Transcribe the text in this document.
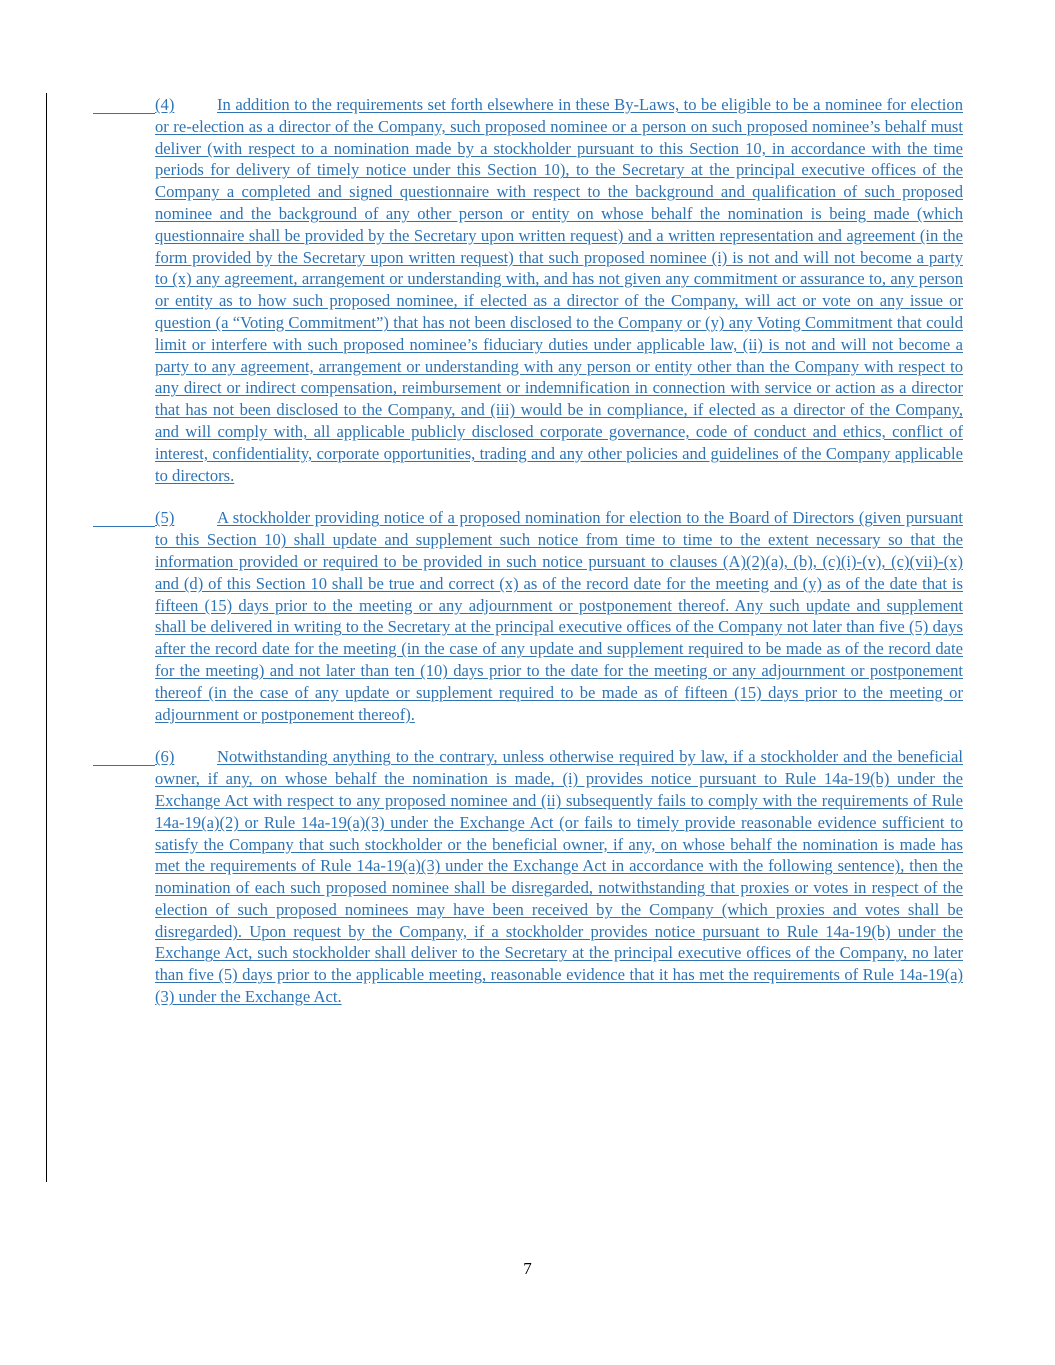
(4)	In addition to the requirements set forth elsewhere in these By-Laws, to be eligible to be a nominee for election or re-election as a director of the Company, such proposed nominee or a person on such proposed nominee’s behalf must deliver (with respect to a nomination made by a stockholder pursuant to this Section 10, in accordance with the time periods for delivery of timely notice under this Section 10), to the Secretary at the principal executive offices of the Company a completed and signed questionnaire with respect to the background and qualification of such proposed nominee and the background of any other person or entity on whose behalf the nomination is being made (which questionnaire shall be provided by the Secretary upon written request) and a written representation and agreement (in the form provided by the Secretary upon written request) that such proposed nominee (i) is not and will not become a party to (x) any agreement, arrangement or understanding with, and has not given any commitment or assurance to, any person or entity as to how such proposed nominee, if elected as a director of the Company, will act or vote on any issue or question (a “Voting Commitment”) that has not been disclosed to the Company or (y) any Voting Commitment that could limit or interfere with such proposed nominee’s fiduciary duties under applicable law, (ii) is not and will not become a party to any agreement, arrangement or understanding with any person or entity other than the Company with respect to any direct or indirect compensation, reimbursement or indemnification in connection with service or action as a director that has not been disclosed to the Company, and (iii) would be in compliance, if elected as a director of the Company, and will comply with, all applicable publicly disclosed corporate governance, code of conduct and ethics, conflict of interest, confidentiality, corporate opportunities, trading and any other policies and guidelines of the Company applicable to directors.

(5)	A stockholder providing notice of a proposed nomination for election to the Board of Directors (given pursuant to this Section 10) shall update and supplement such notice from time to time to the extent necessary so that the information provided or required to be provided in such notice pursuant to clauses (A)(2)(a), (b), (c)(i)-(v), (c)(vii)-(x) and (d) of this Section 10 shall be true and correct (x) as of the record date for the meeting and (y) as of the date that is fifteen (15) days prior to the meeting or any adjournment or postponement thereof. Any such update and supplement shall be delivered in writing to the Secretary at the principal executive offices of the Company not later than five (5) days after the record date for the meeting (in the case of any update and supplement required to be made as of the record date for the meeting) and not later than ten (10) days prior to the date for the meeting or any adjournment or postponement thereof (in the case of any update or supplement required to be made as of fifteen (15) days prior to the meeting or adjournment or postponement thereof).

(6)	Notwithstanding anything to the contrary, unless otherwise required by law, if a stockholder and the beneficial owner, if any, on whose behalf the nomination is made, (i) provides notice pursuant to Rule 14a-19(b) under the Exchange Act with respect to any proposed nominee and (ii) subsequently fails to comply with the requirements of Rule 14a-19(a)(2) or Rule 14a-19(a)(3) under the Exchange Act (or fails to timely provide reasonable evidence sufficient to satisfy the Company that such stockholder or the beneficial owner, if any, on whose behalf the nomination is made has met the requirements of Rule 14a-19(a)(3) under the Exchange Act in accordance with the following sentence), then the nomination of each such proposed nominee shall be disregarded, notwithstanding that proxies or votes in respect of the election of such proposed nominees may have been received by the Company (which proxies and votes shall be disregarded). Upon request by the Company, if a stockholder provides notice pursuant to Rule 14a-19(b) under the Exchange Act, such stockholder shall deliver to the Secretary at the principal executive offices of the Company, no later than five (5) days prior to the applicable meeting, reasonable evidence that it has met the requirements of Rule 14a-19(a)(3) under the Exchange Act.

7
